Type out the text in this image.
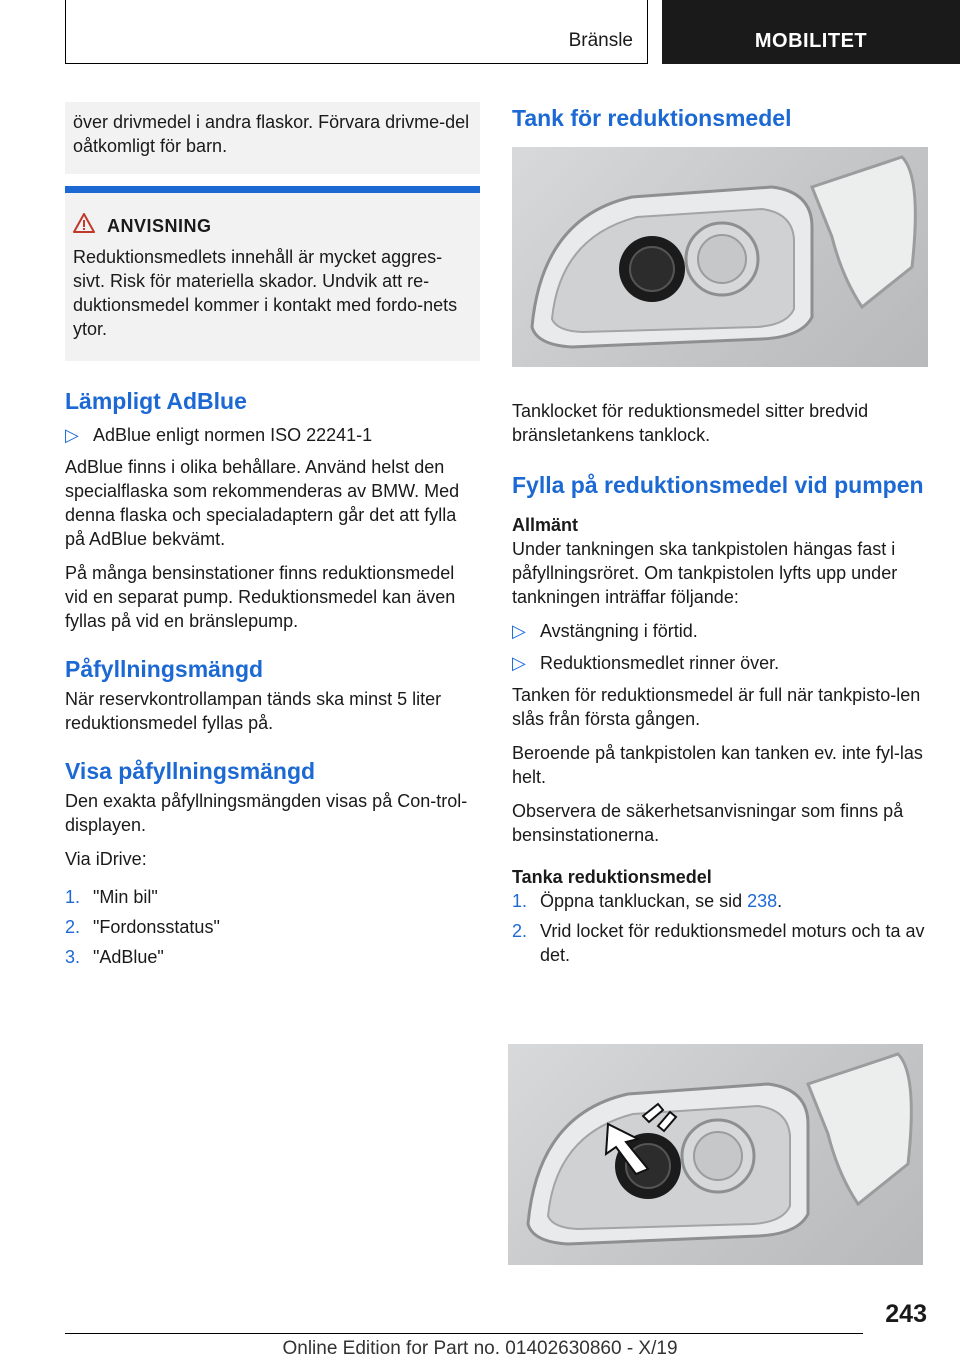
Bränsle	MOBILITET
över drivmedel i andra flaskor. Förvara drivme-del oåtkomligt för barn.
ANVISNING
Reduktionsmedlets innehåll är mycket aggres-sivt. Risk för materiella skador. Undvik att re-duktionsmedel kommer i kontakt med fordo-nets ytor.
Lämpligt AdBlue
▷ AdBlue enligt normen ISO 22241-1

AdBlue finns i olika behållare. Använd helst den specialflaska som rekommenderas av BMW. Med denna flaska och specialadaptern går det att fylla på AdBlue bekvämt.

På många bensinstationer finns reduktionsmedel vid en separat pump. Reduktionsmedel kan även fyllas på vid en bränslepump.

Påfyllningsmängd

När reservkontrollampan tänds ska minst 5 liter reduktionsmedel fyllas på.

Visa påfyllningsmängd

Den exakta påfyllningsmängden visas på Con-trol-displayen.

Via iDrive:

1. "Min bil"
2. "Fordonsstatus"
3. "AdBlue"
Tank för reduktionsmedel

Tanklocket för reduktionsmedel sitter bredvid bränsletankens tanklock.

Fylla på reduktionsmedel vid pumpen
Allmänt

Under tankningen ska tankpistolen hängas fast i påfyllningsröret. Om tankpistolen lyfts upp under tankningen inträffar följande:

▷ Avstängning i förtid.
▷ Reduktionsmedlet rinner över.

Tanken för reduktionsmedel är full när tankpisto-len slås från första gången.

Beroende på tankpistolen kan tanken ev. inte fyl-las helt.

Observera de säkerhetsanvisningar som finns på bensinstationerna.

Tanka reduktionsmedel
1. Öppna tankluckan, se sid 238.
2. Vrid locket för reduktionsmedel moturs och ta av det.
243
Online Edition for Part no. 01402630860 - X/19
